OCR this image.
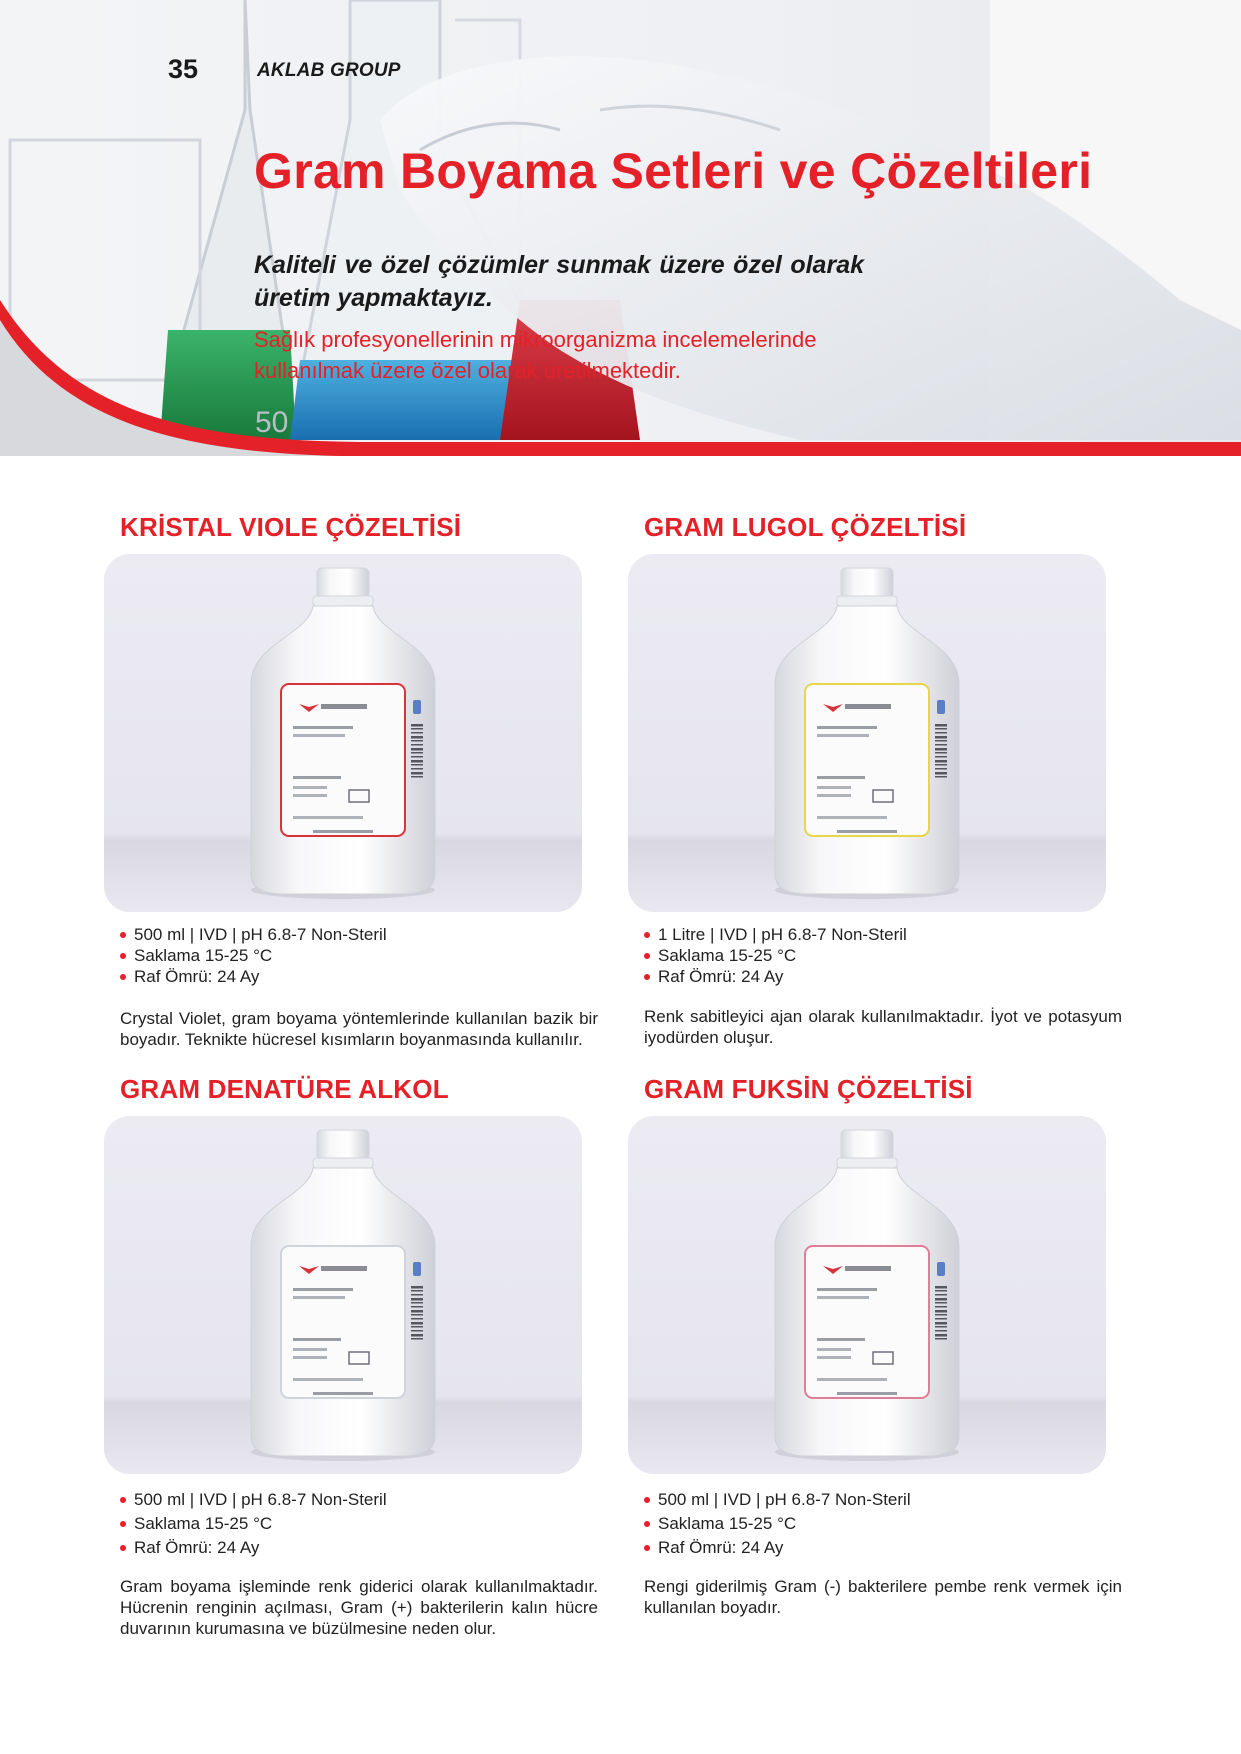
50
35	AKLAB GROUP
Gram Boyama Setleri ve Çözeltileri

Kaliteli ve özel çözümler sunmak üzere özel olarak üretim yapmaktayız.

Sağlık profesyonellerinin mikroorganizma incelemelerinde kullanılmak üzere özel olarak üretilmektedir.

KRİSTAL VIOLE ÇÖZELTİSİ
500 ml | IVD | pH 6.8-7 Non-Steril
Saklama 15-25 °C
Raf Ömrü: 24 Ay

Crystal Violet, gram boyama yöntemlerinde kullanılan bazik bir boyadır. Teknikte hücresel kısımların boyanmasında kullanılır.

GRAM LUGOL ÇÖZELTİSİ
1 Litre | IVD | pH 6.8-7 Non-Steril
Saklama 15-25 °C
Raf Ömrü: 24 Ay

Renk sabitleyici ajan olarak kullanılmaktadır. İyot ve potasyum iyodürden oluşur.

GRAM DENATÜRE ALKOL
500 ml | IVD | pH 6.8-7 Non-Steril
Saklama 15-25 °C
Raf Ömrü: 24 Ay

Gram boyama işleminde renk giderici olarak kullanılmaktadır. Hücrenin renginin açılması, Gram (+) bakterilerin kalın hücre duvarının kurumasına ve büzülmesine neden olur.

GRAM FUKSİN ÇÖZELTİSİ
500 ml | IVD | pH 6.8-7 Non-Steril
Saklama 15-25 °C
Raf Ömrü: 24 Ay

Rengi giderilmiş Gram (-) bakterilere pembe renk vermek için kullanılan boyadır.
